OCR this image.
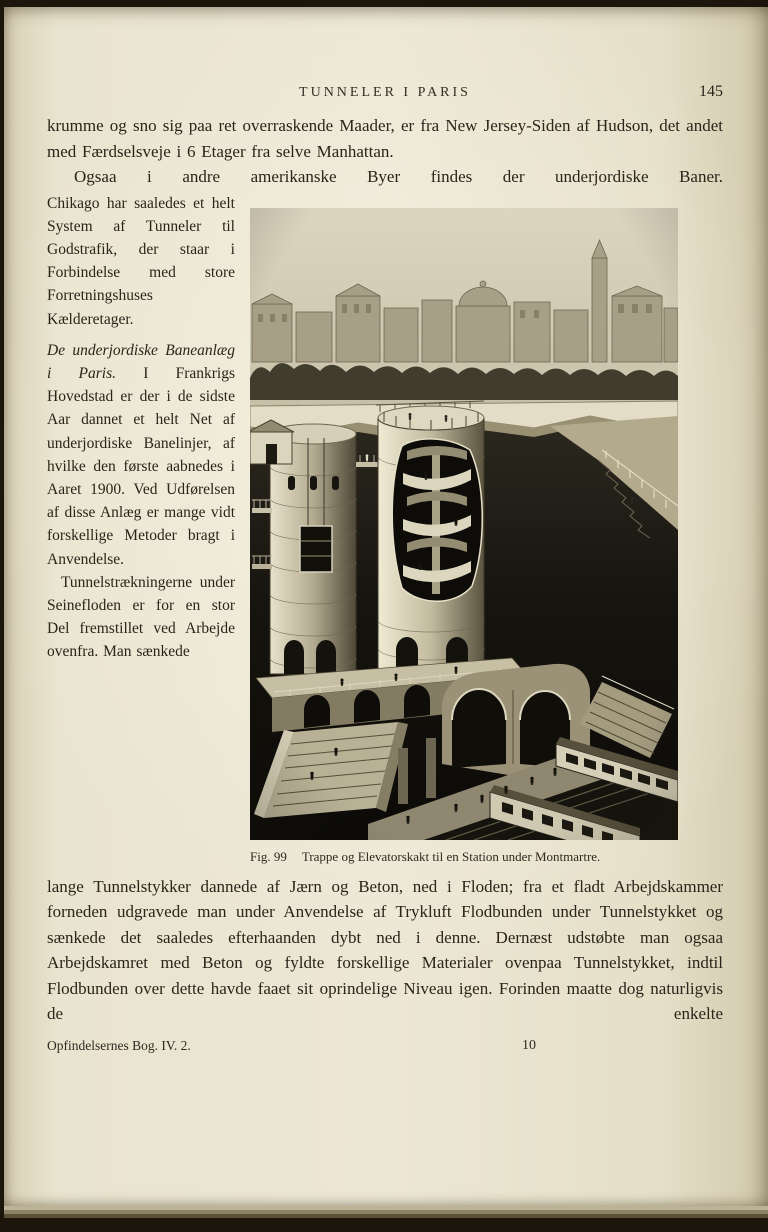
TUNNELER I PARIS	145

krumme og sno sig paa ret overraskende Maader, er fra New Jersey-Siden af Hudson, det andet med Færdselsveje i 6 Etager fra selve Manhattan.

Ogsaa i andre amerikanske Byer findes der underjordiske Baner.

Chikago har saaledes et helt System af Tunneler til Godstrafik, der staar i Forbindelse med store Forretningshuses Kælderetager.

De underjordiske Baneanlæg i Paris. I Frankrigs Hovedstad er der i de sidste Aar dannet et helt Net af underjordiske Banelinjer, af hvilke den første aabnedes i Aaret 1900. Ved Udførelsen af disse Anlæg er mange vidt forskellige Metoder bragt i Anvendelse.

Tunnelstrækningerne under Seinefloden er for en stor Del fremstillet ved Arbejde ovenfra. Man sænkede

Fig. 99 Trappe og Elevatorskakt til en Station under Montmartre.

lange Tunnelstykker dannede af Jærn og Beton, ned i Floden; fra et fladt Arbejdskammer forneden udgravede man under Anvendelse af Trykluft Flodbunden under Tunnelstykket og sænkede det saaledes efterhaanden dybt ned i denne. Dernæst udstøbte man ogsaa Arbejdskamret med Beton og fyldte forskellige Materialer ovenpaa Tunnelstykket, indtil Flodbunden over dette havde faaet sit oprindelige Niveau igen. Forinden maatte dog naturligvis de enkelte

Opfindelsernes Bog. IV. 2.	10
